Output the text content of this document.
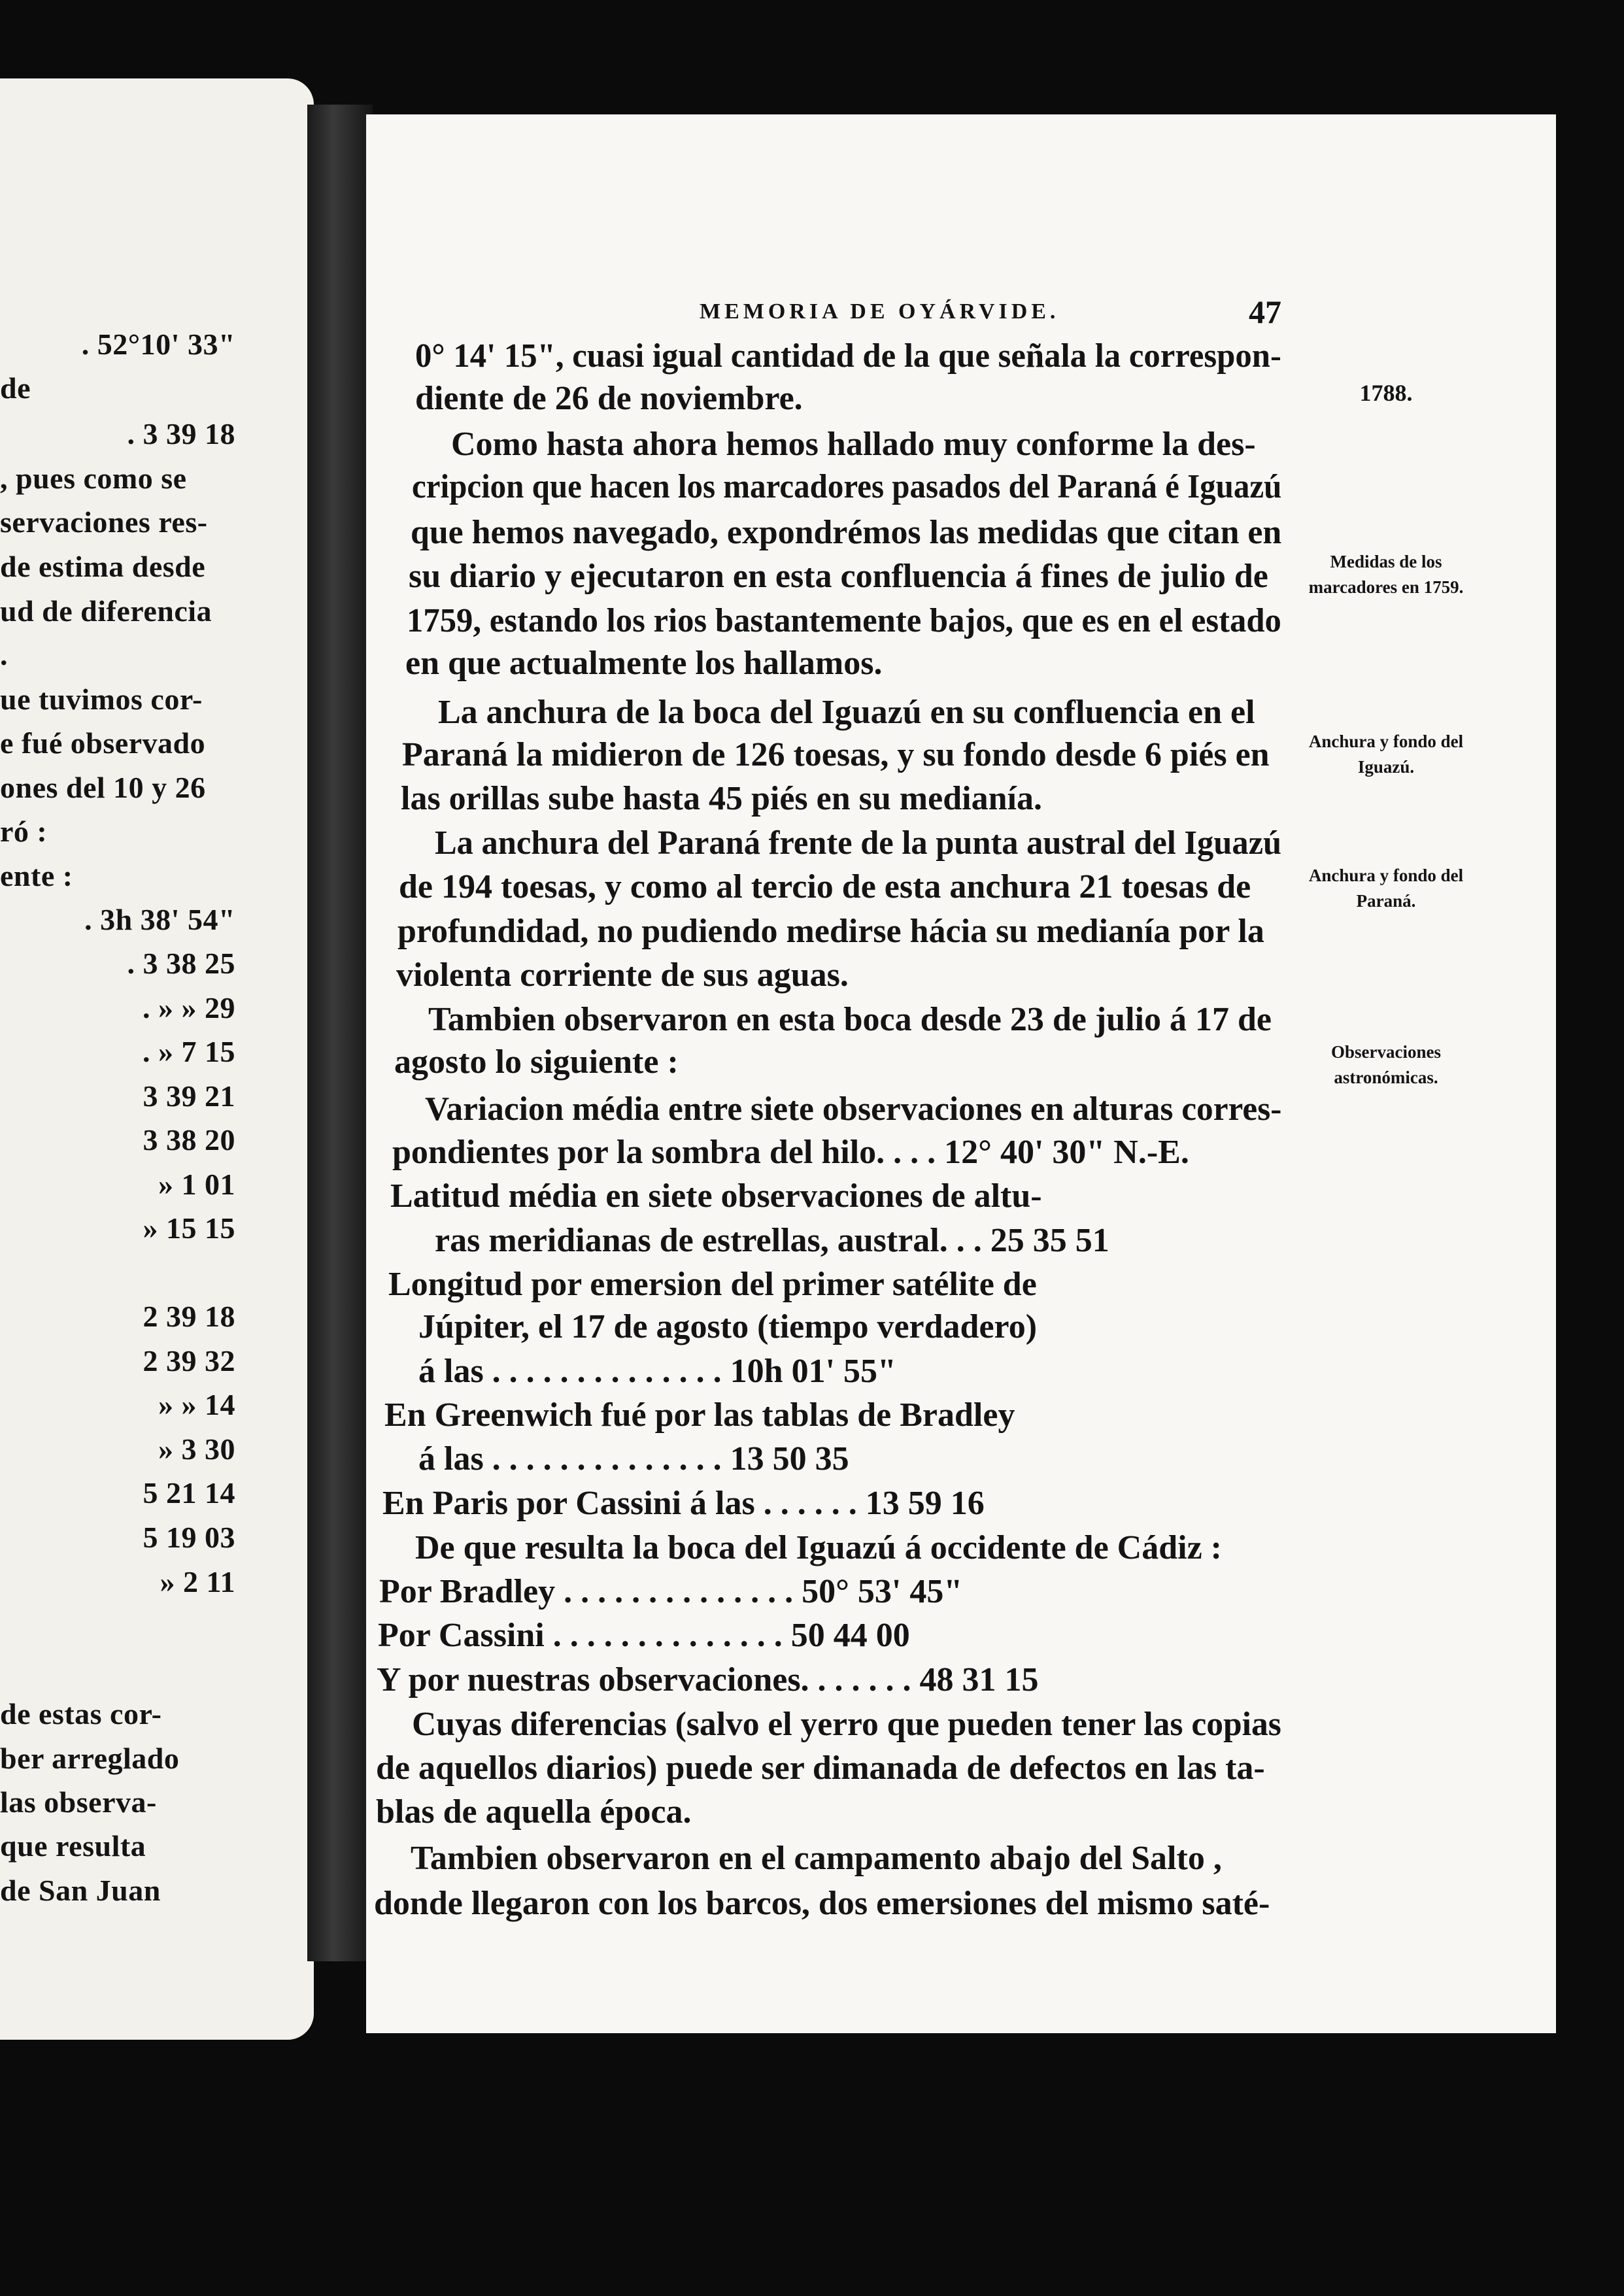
. 52°10' 33"
de
. 3 39 18
, pues como se
servaciones res-
de estima desde
ud de diferencia
.
ue tuvimos cor-
e fué observado
ones del 10 y 26
ró :
ente :
. 3h 38' 54"
. 3 38 25
. » » 29
. » 7 15
3 39 21
3 38 20
» 1 01
» 15 15
2 39 18
2 39 32
» » 14
» 3 30
5 21 14
5 19 03
» 2 11
de estas cor-
ber arreglado
las observa-
que resulta
de San Juan
MEMORIA DE OYÁRVIDE.	47
1788.
Medidas de los marcadores en 1759.
Anchura y fondo del Iguazú.
Anchura y fondo del Paraná.
Observaciones astronómicas.
0° 14' 15", cuasi igual cantidad de la que señala la correspon-
diente de 26 de noviembre.
Como hasta ahora hemos hallado muy conforme la des-
cripcion que hacen los marcadores pasados del Paraná é Iguazú
que hemos navegado, expondrémos las medidas que citan en
su diario y ejecutaron en esta confluencia á fines de julio de
1759, estando los rios bastantemente bajos, que es en el estado
en que actualmente los hallamos.
La anchura de la boca del Iguazú en su confluencia en el
Paraná la midieron de 126 toesas, y su fondo desde 6 piés en
las orillas sube hasta 45 piés en su medianía.
La anchura del Paraná frente de la punta austral del Iguazú
de 194 toesas, y como al tercio de esta anchura 21 toesas de
profundidad, no pudiendo medirse hácia su medianía por la
violenta corriente de sus aguas.
Tambien observaron en esta boca desde 23 de julio á 17 de
agosto lo siguiente :
Variacion média entre siete observaciones en alturas corres-
pondientes por la sombra del hilo. . . . 12° 40' 30" N.-E.
Latitud média en siete observaciones de altu-
ras meridianas de estrellas, austral. . . 25 35 51
Longitud por emersion del primer satélite de
Júpiter, el 17 de agosto (tiempo verdadero)
á las . . . . . . . . . . . . . . 10h 01' 55"
En Greenwich fué por las tablas de Bradley
á las . . . . . . . . . . . . . . 13 50 35
En Paris por Cassini á las . . . . . . 13 59 16
De que resulta la boca del Iguazú á occidente de Cádiz :
Por Bradley . . . . . . . . . . . . . . 50° 53' 45"
Por Cassini . . . . . . . . . . . . . . 50 44 00
Y por nuestras observaciones. . . . . . . 48 31 15
Cuyas diferencias (salvo el yerro que pueden tener las copias
de aquellos diarios) puede ser dimanada de defectos en las ta-
blas de aquella época.
Tambien observaron en el campamento abajo del Salto ,
donde llegaron con los barcos, dos emersiones del mismo saté-
